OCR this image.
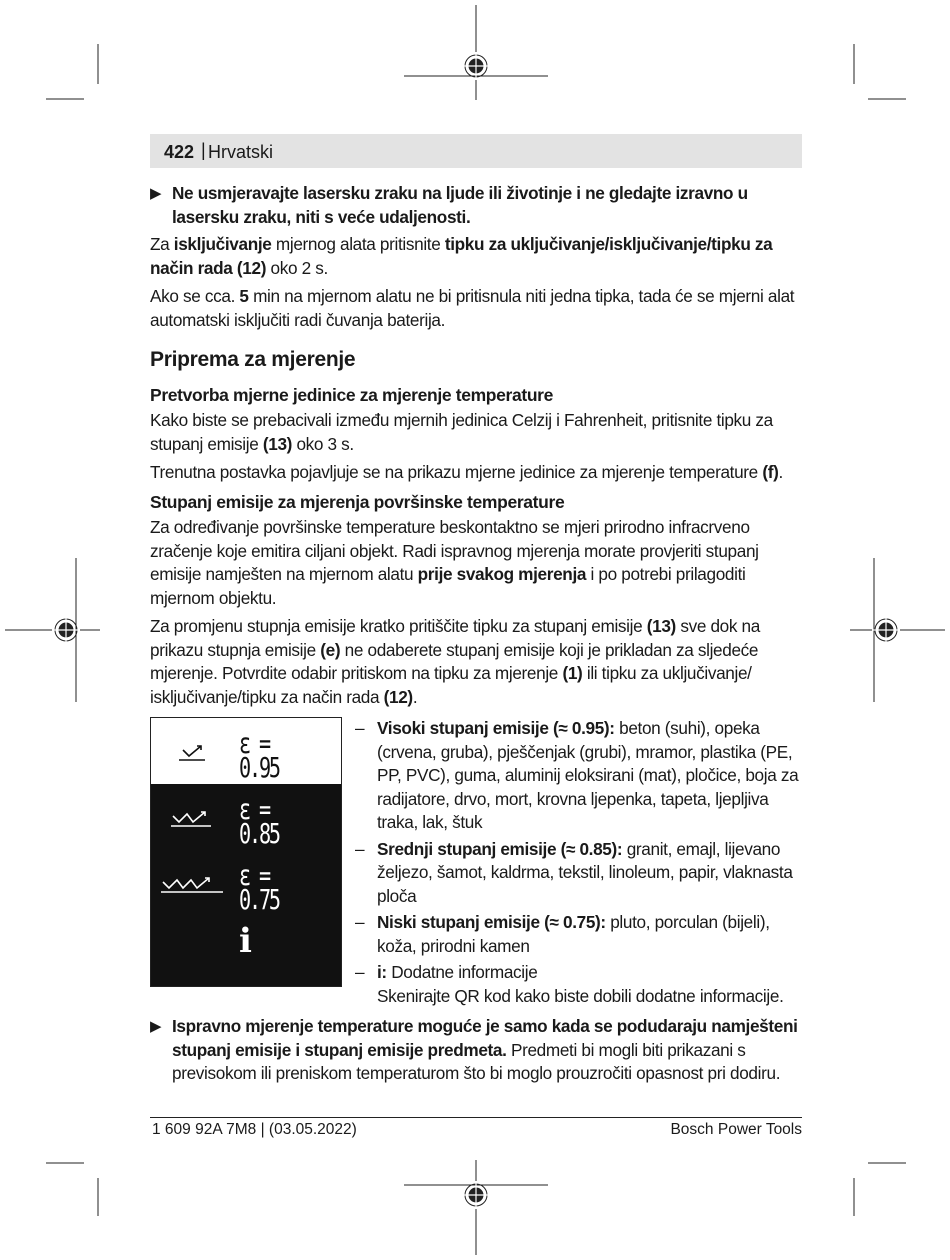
422 | Hrvatski
▶ Ne usmjeravajte lasersku zraku na ljude ili životinje i ne gledajte izravno u lasersku zraku, niti s veće udaljenosti.

Za isključivanje mjernog alata pritisnite tipku za uključivanje/isključivanje/tipku za način rada (12) oko 2 s.

Ako se cca. 5 min na mjernom alatu ne bi pritisnula niti jedna tipka, tada će se mjerni alat automatski isključiti radi čuvanja baterija.

Priprema za mjerenje
Pretvorba mjerne jedinice za mjerenje temperature

Kako biste se prebacivali između mjernih jedinica Celzij i Fahrenheit, pritisnite tipku za stupanj emisije (13) oko 3 s.

Trenutna postavka pojavljuje se na prikazu mjerne jedinice za mjerenje temperature (f).

Stupanj emisije za mjerenja površinske temperature

Za određivanje površinske temperature beskontaktno se mjeri prirodno infracrveno zračenje koje emitira ciljani objekt. Radi ispravnog mjerenja morate provjeriti stupanj emisije namješten na mjernom alatu prije svakog mjerenja i po potrebi prilagoditi mjernom objektu.

Za promjenu stupnja emisije kratko pritiščite tipku za stupanj emisije (13) sve dok na prikazu stupnja emisije (e) ne odaberete stupanj emisije koji je prikladan za sljedeće mjerenje. Potvrdite odabir pritiskom na tipku za mjerenje (1) ili tipku za uključivanje/ isključivanje/tipku za način rada (12).

ε = 0.95
ε = 0.85
ε = 0.75
i
– Visoki stupanj emisije (≈ 0.95): beton (suhi), opeka (crvena, gruba), pješčenjak (grubi), mramor, plastika (PE, PP, PVC), guma, aluminij eloksirani (mat), pločice, boja za radijatore, drvo, mort, krovna ljepenka, tapeta, ljepljiva traka, lak, štuk
– Srednji stupanj emisije (≈ 0.85): granit, emajl, lijevano željezo, šamot, kaldrma, tekstil, linoleum, papir, vlaknasta ploča
– Niski stupanj emisije (≈ 0.75): pluto, porculan (bijeli), koža, prirodni kamen
– i: Dodatne informacije
Skenirajte QR kod kako biste dobili dodatne informacije.
▶ Ispravno mjerenje temperature moguće je samo kada se podudaraju namješteni stupanj emisije i stupanj emisije predmeta. Predmeti bi mogli biti prikazani s previsokom ili preniskom temperaturom što bi moglo prouzročiti opasnost pri dodiru.
1 609 92A 7M8 | (03.05.2022)	Bosch Power Tools
